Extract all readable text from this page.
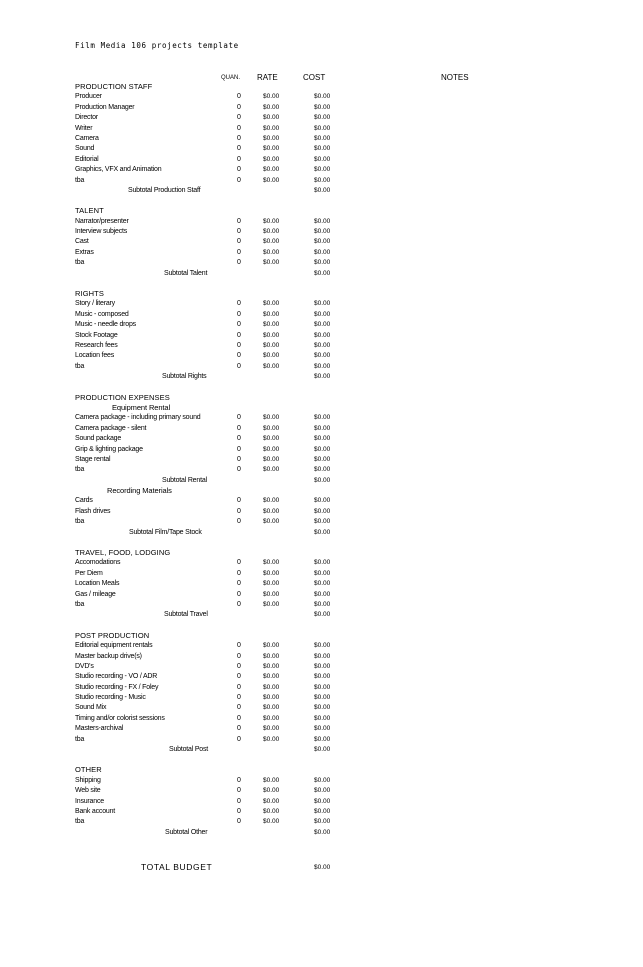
Film Media 106 projects template
QUAN. RATE	COST	NOTES
PRODUCTION STAFF
Producer	0	$0.00	$0.00
Production Manager	0	$0.00	$0.00
Director	0	$0.00	$0.00
Writer	0	$0.00	$0.00
Camera	0	$0.00	$0.00
Sound	0	$0.00	$0.00
Editorial	0	$0.00	$0.00
Graphics, VFX and Animation	0	$0.00	$0.00
tba	0	$0.00	$0.00
Subtotal Production Staff	$0.00
TALENT
Narrator/presenter	0	$0.00	$0.00
Interview subjects	0	$0.00	$0.00
Cast	0	$0.00	$0.00
Extras	0	$0.00	$0.00
tba	0	$0.00	$0.00
Subtotal Talent	$0.00
RIGHTS
Story / literary	0	$0.00	$0.00
Music - composed	0	$0.00	$0.00
Music - needle drops	0	$0.00	$0.00
Stock Footage	0	$0.00	$0.00
Research fees	0	$0.00	$0.00
Location fees	0	$0.00	$0.00
tba	0	$0.00	$0.00
Subtotal Rights	$0.00
PRODUCTION EXPENSES
Equipment Rental
Camera package - including primary sound	0	$0.00	$0.00
Camera package - silent	0	$0.00	$0.00
Sound package	0	$0.00	$0.00
Grip & lighting package	0	$0.00	$0.00
Stage rental	0	$0.00	$0.00
tba	0	$0.00	$0.00
Subtotal Rental	$0.00
Recording Materials
Cards	0	$0.00	$0.00
Flash drives	0	$0.00	$0.00
tba	0	$0.00	$0.00
Subtotal Film/Tape Stock	$0.00
TRAVEL, FOOD, LODGING
Accomodations	0	$0.00	$0.00
Per Diem	0	$0.00	$0.00
Location Meals	0	$0.00	$0.00
Gas / mileage	0	$0.00	$0.00
tba	0	$0.00	$0.00
Subtotal Travel	$0.00
POST PRODUCTION
Editorial equipment rentals	0	$0.00	$0.00
Master backup drive(s)	0	$0.00	$0.00
DVD's	0	$0.00	$0.00
Studio recording - VO / ADR	0	$0.00	$0.00
Studio recording - FX / Foley	0	$0.00	$0.00
Studio recording - Music	0	$0.00	$0.00
Sound Mix	0	$0.00	$0.00
Timing and/or colorist sessions	0	$0.00	$0.00
Masters-archival	0	$0.00	$0.00
tba	0	$0.00	$0.00
Subtotal Post	$0.00
OTHER
Shipping	0	$0.00	$0.00
Web site	0	$0.00	$0.00
Insurance	0	$0.00	$0.00
Bank account	0	$0.00	$0.00
tba	0	$0.00	$0.00
Subtotal Other	$0.00
TOTAL BUDGET	$0.00
